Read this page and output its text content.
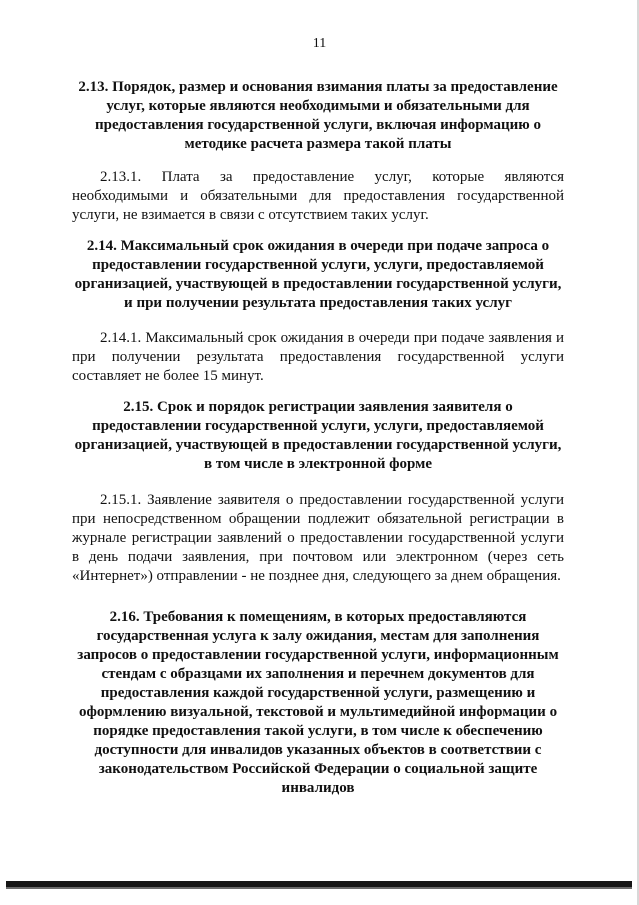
11

2.13. Порядок, размер и основания взимания платы за предоставление услуг, которые являются необходимыми и обязательными для предоставления государственной услуги, включая информацию о методике расчета размера такой платы

2.13.1. Плата за предоставление услуг, которые являются необходимыми и обязательными для предоставления государственной услуги, не взимается в связи с отсутствием таких услуг.

2.14. Максимальный срок ожидания в очереди при подаче запроса о предоставлении государственной услуги, услуги, предоставляемой организацией, участвующей в предоставлении государственной услуги, и при получении результата предоставления таких услуг

2.14.1. Максимальный срок ожидания в очереди при подаче заявления и при получении результата предоставления государственной услуги составляет не более 15 минут.

2.15. Срок и порядок регистрации заявления заявителя о предоставлении государственной услуги, услуги, предоставляемой организацией, участвующей в предоставлении государственной услуги, в том числе в электронной форме

2.15.1. Заявление заявителя о предоставлении государственной услуги при непосредственном обращении подлежит обязательной регистрации в журнале регистрации заявлений о предоставлении государственной услуги в день подачи заявления, при почтовом или электронном (через сеть «Интернет») отправлении - не позднее дня, следующего за днем обращения.

2.16. Требования к помещениям, в которых предоставляются государственная услуга к залу ожидания, местам для заполнения запросов о предоставлении государственной услуги, информационным стендам с образцами их заполнения и перечнем документов для предоставления каждой государственной услуги, размещению и оформлению визуальной, текстовой и мультимедийной информации о порядке предоставления такой услуги, в том числе к обеспечению доступности для инвалидов указанных объектов в соответствии с законодательством Российской Федерации о социальной защите инвалидов
